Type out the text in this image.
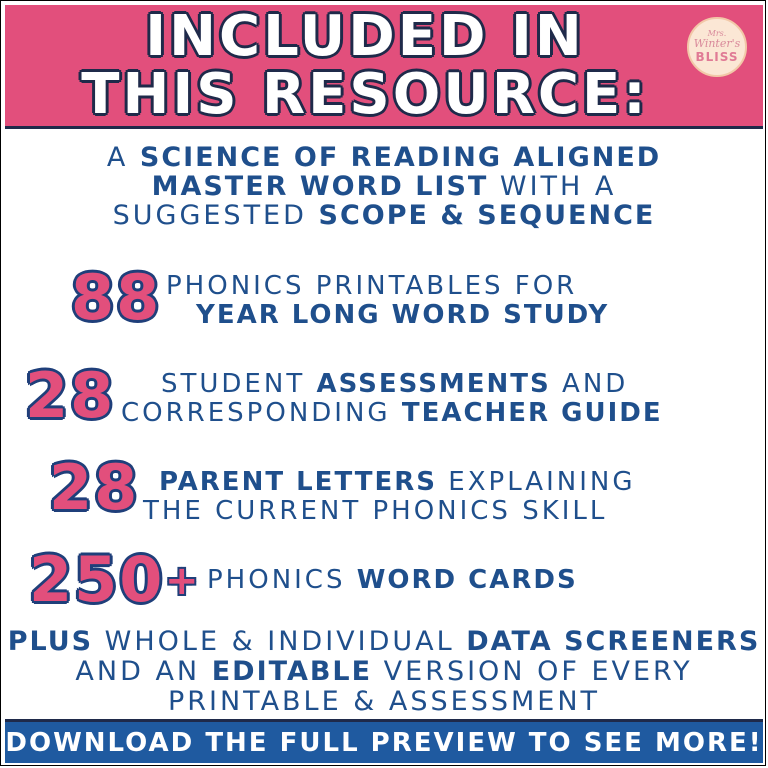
INCLUDED IN
THIS RESOURCE:
Mrs.
Winter's
BLISS
A SCIENCE OF READING ALIGNED
MASTER WORD LIST WITH A
SUGGESTED SCOPE & SEQUENCE
88 PHONICS PRINTABLES FOR
YEAR LONG WORD STUDY
28 STUDENT ASSESSMENTS AND
CORRESPONDING TEACHER GUIDE
28 PARENT LETTERS EXPLAINING
THE CURRENT PHONICS SKILL
250 + PHONICS WORD CARDS
PLUS WHOLE & INDIVIDUAL DATA SCREENERS
AND AN EDITABLE VERSION OF EVERY
PRINTABLE & ASSESSMENT
DOWNLOAD THE FULL PREVIEW TO SEE MORE!
